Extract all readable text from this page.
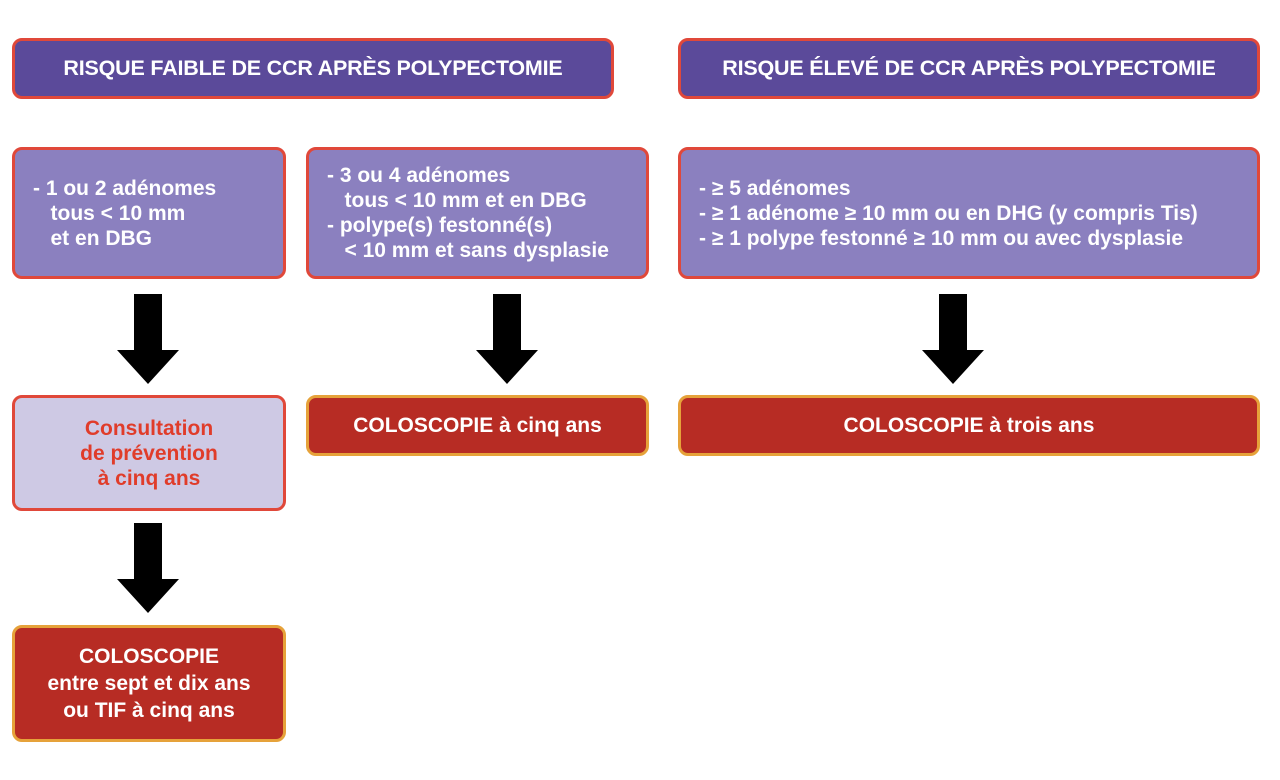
RISQUE FAIBLE DE CCR APRÈS POLYPECTOMIE	RISQUE ÉLEVÉ DE CCR APRÈS POLYPECTOMIE
- 1 ou 2 adénomes
tous < 10 mm
et en DBG
- 3 ou 4 adénomes
tous < 10 mm et en DBG
- polype(s) festonné(s)
< 10 mm et sans dysplasie
- ≥ 5 adénomes
- ≥ 1 adénome ≥ 10 mm ou en DHG (y compris Tis)
- ≥ 1 polype festonné ≥ 10 mm ou avec dysplasie
Consultation
de prévention
à cinq ans
COLOSCOPIE à cinq ans	COLOSCOPIE à trois ans
COLOSCOPIE
entre sept et dix ans
ou TIF à cinq ans
